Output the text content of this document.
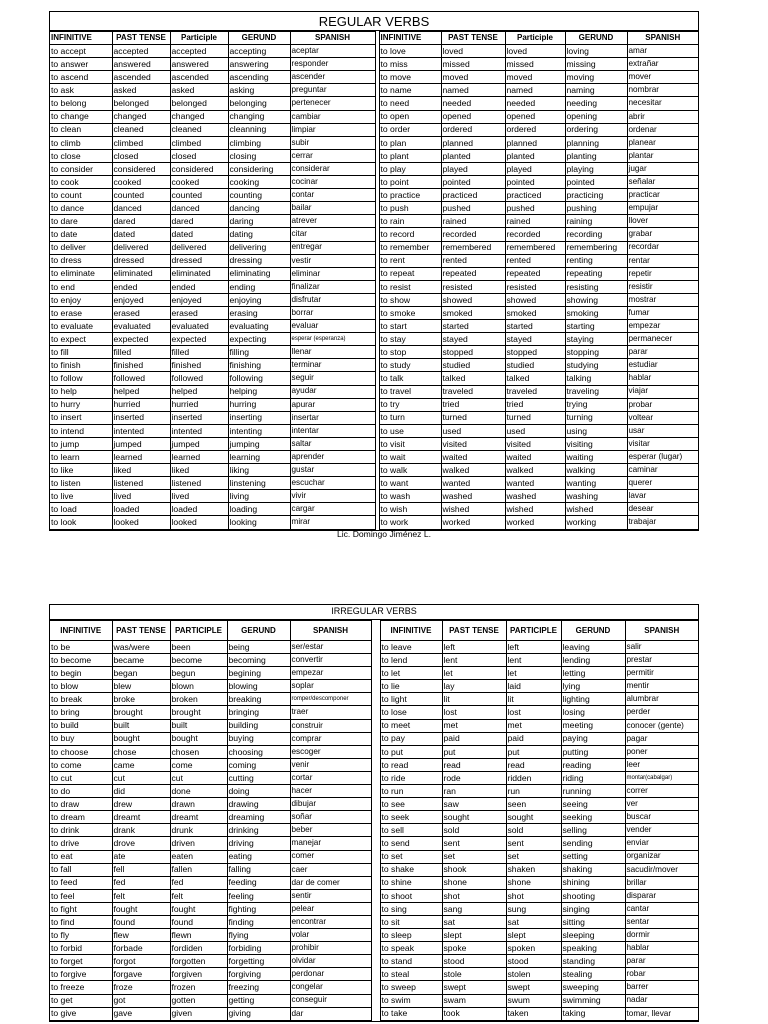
REGULAR VERBS
INFINITIVE	PAST TENSE	Participle	GERUND	SPANISH
to accept	accepted	accepted	accepting	aceptar
to answer	answered	answered	answering	responder
to ascend	ascended	ascended	ascending	ascender
to ask	asked	asked	asking	preguntar
to belong	belonged	belonged	belonging	pertenecer
to change	changed	changed	changing	cambiar
to clean	cleaned	cleaned	cleanning	limpiar
to climb	climbed	climbed	climbing	subir
to close	closed	closed	closing	cerrar
to consider	considered	considered	considering	considerar
to cook	cooked	cooked	cooking	cocinar
to count	counted	counted	counting	contar
to dance	danced	danced	dancing	bailar
to dare	dared	dared	daring	atrever
to date	dated	dated	dating	citar
to deliver	delivered	delivered	delivering	entregar
to dress	dressed	dressed	dressing	vestir
to eliminate	eliminated	eliminated	eliminating	eliminar
to end	ended	ended	ending	finalizar
to enjoy	enjoyed	enjoyed	enjoying	disfrutar
to erase	erased	erased	erasing	borrar
to evaluate	evaluated	evaluated	evaluating	evaluar
to expect	expected	expected	expecting	esperar (esperanza)
to fill	filled	filled	filling	llenar
to finish	finished	finished	finishing	terminar
to follow	followed	followed	following	seguir
to help	helped	helped	helping	ayudar
to hurry	hurried	hurried	hurring	apurar
to insert	inserted	inserted	inserting	insertar
to intend	intented	intented	intenting	intentar
to jump	jumped	jumped	jumping	saltar
to learn	learned	learned	learning	aprender
to like	liked	liked	liking	gustar
to listen	listened	listened	linstening	escuchar
to live	lived	lived	living	vivir
to load	loaded	loaded	loading	cargar
to look	looked	looked	looking	mirar
INFINITIVE	PAST TENSE	Participle	GERUND	SPANISH
to love	loved	loved	loving	amar
to miss	missed	missed	missing	extrañar
to move	moved	moved	moving	mover
to name	named	named	naming	nombrar
to need	needed	needed	needing	necesitar
to open	opened	opened	opening	abrir
to order	ordered	ordered	ordering	ordenar
to plan	planned	planned	planning	planear
to plant	planted	planted	planting	plantar
to play	played	played	playing	jugar
to point	pointed	pointed	pointed	señalar
to practice	practiced	practiced	practicing	practicar
to push	pushed	pushed	pushing	empujar
to rain	rained	rained	raining	llover
to record	recorded	recorded	recording	grabar
to remember	remembered	remembered	remembering	recordar
to rent	rented	rented	renting	rentar
to repeat	repeated	repeated	repeating	repetir
to resist	resisted	resisted	resisting	resistir
to show	showed	showed	showing	mostrar
to smoke	smoked	smoked	smoking	fumar
to start	started	started	starting	empezar
to stay	stayed	stayed	staying	permanecer
to stop	stopped	stopped	stopping	parar
to study	studied	studied	studying	estudiar
to talk	talked	talked	talking	hablar
to travel	traveled	traveled	traveling	viajar
to try	tried	tried	trying	probar
to turn	turned	turned	turning	voltear
to use	used	used	using	usar
to visit	visited	visited	visiting	visitar
to wait	waited	waited	waiting	esperar (lugar)
to walk	walked	walked	walking	caminar
to want	wanted	wanted	wanting	querer
to wash	washed	washed	washing	lavar
to wish	wished	wished	wished	desear
to work	worked	worked	working	trabajar
Lic. Domingo Jiménez L.
IRREGULAR VERBS
INFINITIVE	PAST TENSE	PARTICIPLE	GERUND	SPANISH
to be	was/were	been	being	ser/estar
to become	became	become	becoming	convertir
to begin	began	begun	begining	empezar
to blow	blew	blown	blowing	soplar
to break	broke	broken	breaking	romper/descomponer
to bring	brought	brought	bringing	traer
to build	built	built	building	construir
to buy	bought	bought	buying	comprar
to choose	chose	chosen	choosing	escoger
to come	came	come	coming	venir
to cut	cut	cut	cutting	cortar
to do	did	done	doing	hacer
to draw	drew	drawn	drawing	dibujar
to dream	dreamt	dreamt	dreaming	soñar
to drink	drank	drunk	drinking	beber
to drive	drove	driven	driving	manejar
to eat	ate	eaten	eating	comer
to fall	fell	fallen	falling	caer
to feed	fed	fed	feeding	dar de comer
to feel	felt	felt	feeling	sentir
to fight	fought	fought	fighting	pelear
to find	found	found	finding	encontrar
to fly	flew	flewn	flying	volar
to forbid	forbade	fordiden	forbiding	prohibir
to forget	forgot	forgotten	forgetting	olvidar
to forgive	forgave	forgiven	forgiving	perdonar
to freeze	froze	frozen	freezing	congelar
to get	got	gotten	getting	conseguir
to give	gave	given	giving	dar
INFINITIVE	PAST TENSE	PARTICIPLE	GERUND	SPANISH
to leave	left	left	leaving	salir
to lend	lent	lent	lending	prestar
to let	let	let	letting	permitir
to lie	lay	laid	lying	mentir
to light	lit	lit	lighting	alumbrar
to lose	lost	lost	losing	perder
to meet	met	met	meeting	conocer (gente)
to pay	paid	paid	paying	pagar
to put	put	put	putting	poner
to read	read	read	reading	leer
to ride	rode	ridden	riding	montar(cabalgar)
to run	ran	run	running	correr
to see	saw	seen	seeing	ver
to seek	sought	sought	seeking	buscar
to sell	sold	sold	selling	vender
to send	sent	sent	sending	enviar
to set	set	set	setting	organizar
to shake	shook	shaken	shaking	sacudir/mover
to shine	shone	shone	shining	brillar
to shoot	shot	shot	shooting	disparar
to sing	sang	sung	singing	cantar
to sit	sat	sat	sitting	sentar
to sleep	slept	slept	sleeping	dormir
to speak	spoke	spoken	speaking	hablar
to stand	stood	stood	standing	parar
to steal	stole	stolen	stealing	robar
to sweep	swept	swept	sweeping	barrer
to swim	swam	swum	swimming	nadar
to take	took	taken	taking	tomar, llevar
